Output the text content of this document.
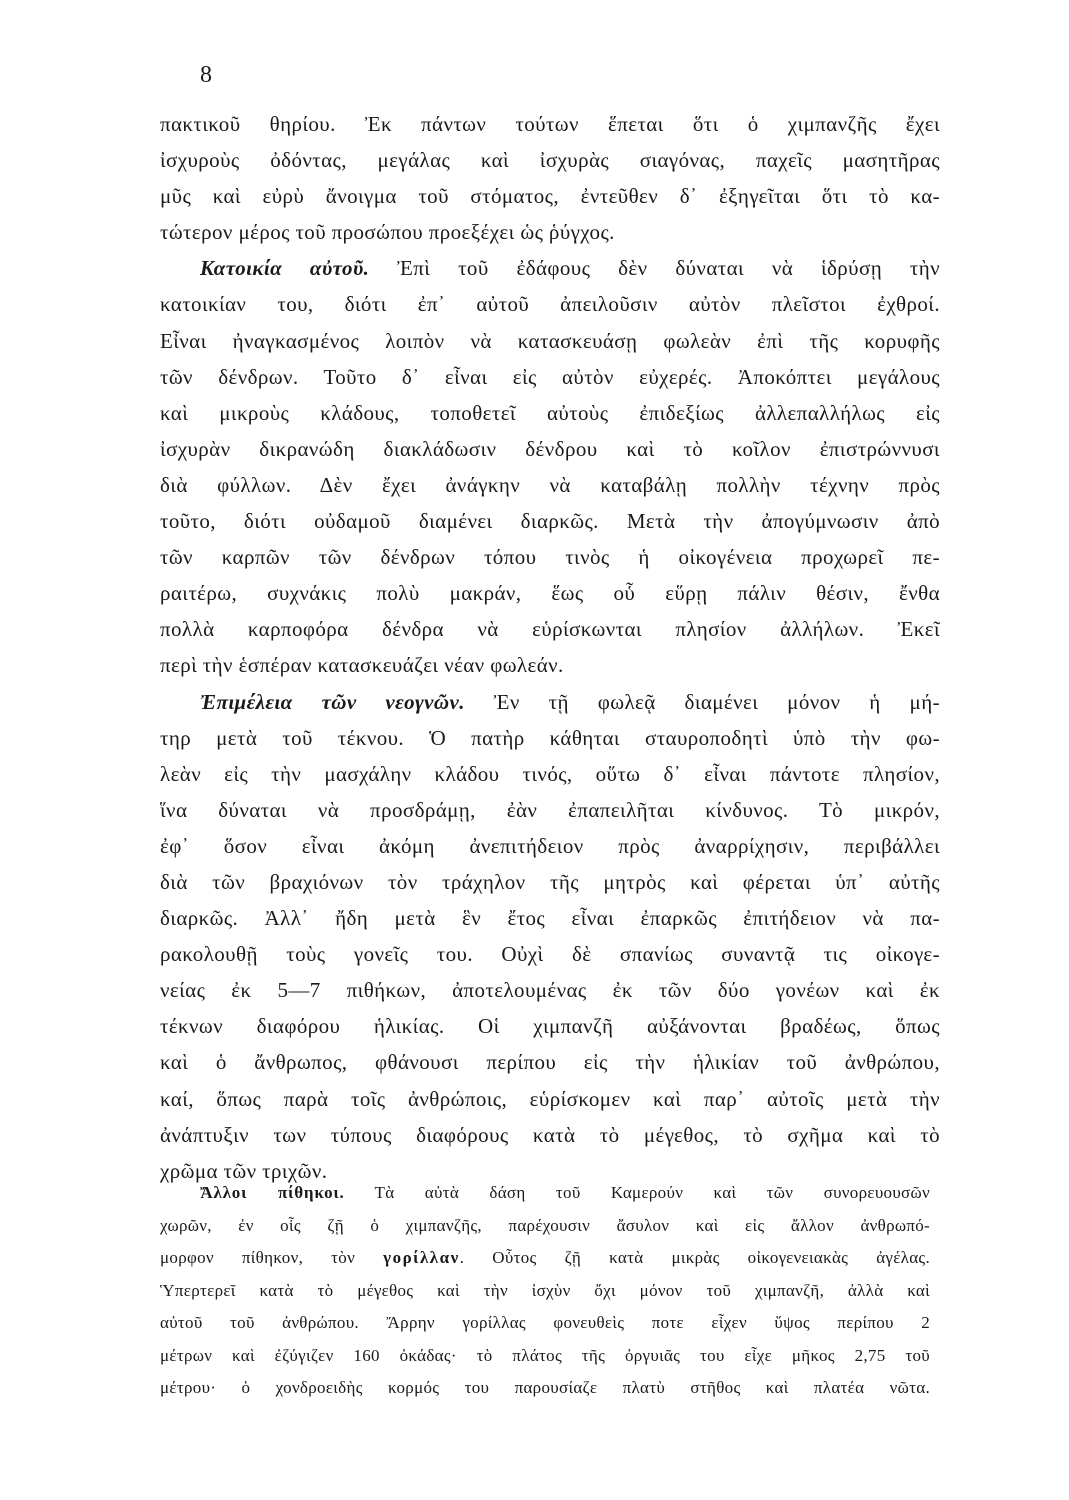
8
πακτικοῦ θηρίου. Ἐκ πάντων τούτων ἕπεται ὅτι ὁ χιμπανζῆς ἔχει
ἰσχυροὺς ὀδόντας, μεγάλας καὶ ἰσχυρὰς σιαγόνας, παχεῖς μασητῆρας
μῦς καὶ εὐρὺ ἄνοιγμα τοῦ στόματος, ἐντεῦθεν δ᾽ ἐξηγεῖται ὅτι τὸ κα-
τώτερον μέρος τοῦ προσώπου προεξέχει ὡς ῥύγχος.
Κατοικία αὐτοῦ. Ἐπὶ τοῦ ἐδάφους δὲν δύναται νὰ ἱδρύσῃ τὴν
κατοικίαν του, διότι ἐπ᾽ αὐτοῦ ἀπειλοῦσιν αὐτὸν πλεῖστοι ἐχθροί.
Εἶναι ἠναγκασμένος λοιπὸν νὰ κατασκευάσῃ φωλεὰν ἐπὶ τῆς κορυφῆς
τῶν δένδρων. Τοῦτο δ᾽ εἶναι εἰς αὐτὸν εὐχερές. Ἀποκόπτει μεγάλους
καὶ μικροὺς κλάδους, τοποθετεῖ αὐτοὺς ἐπιδεξίως ἀλλεπαλλήλως εἰς
ἰσχυρὰν δικρανώδη διακλάδωσιν δένδρου καὶ τὸ κοῖλον ἐπιστρώννυσι
διὰ φύλλων. Δὲν ἔχει ἀνάγκην νὰ καταβάλῃ πολλὴν τέχνην πρὸς
τοῦτο, διότι οὐδαμοῦ διαμένει διαρκῶς. Μετὰ τὴν ἀπογύμνωσιν ἀπὸ
τῶν καρπῶν τῶν δένδρων τόπου τινὸς ἡ οἰκογένεια προχωρεῖ πε-
ραιτέρω, συχνάκις πολὺ μακράν, ἕως οὗ εὕρῃ πάλιν θέσιν, ἔνθα
πολλὰ καρποφόρα δένδρα νὰ εὑρίσκωνται πλησίον ἀλλήλων. Ἐκεῖ
περὶ τὴν ἑσπέραν κατασκευάζει νέαν φωλεάν.
Ἐπιμέλεια τῶν νεογνῶν. Ἐν τῇ φωλεᾷ διαμένει μόνον ἡ μή-
τηρ μετὰ τοῦ τέκνου. Ὁ πατὴρ κάθηται σταυροποδητὶ ὑπὸ τὴν φω-
λεὰν εἰς τὴν μασχάλην κλάδου τινός, οὕτω δ᾽ εἶναι πάντοτε πλησίον,
ἵνα δύναται νὰ προσδράμῃ, ἐὰν ἐπαπειλῆται κίνδυνος. Τὸ μικρόν,
ἐφ᾽ ὅσον εἶναι ἀκόμη ἀνεπιτήδειον πρὸς ἀναρρίχησιν, περιβάλλει
διὰ τῶν βραχιόνων τὸν τράχηλον τῆς μητρὸς καὶ φέρεται ὑπ᾽ αὐτῆς
διαρκῶς. Ἀλλ᾽ ἤδη μετὰ ἓν ἔτος εἶναι ἐπαρκῶς ἐπιτήδειον νὰ πα-
ρακολουθῇ τοὺς γονεῖς του. Οὐχὶ δὲ σπανίως συναντᾷ τις οἰκογε-
νείας ἐκ 5—7 πιθήκων, ἀποτελουμένας ἐκ τῶν δύο γονέων καὶ ἐκ
τέκνων διαφόρου ἡλικίας. Οἱ χιμπανζῆ αὐξάνονται βραδέως, ὅπως
καὶ ὁ ἄνθρωπος, φθάνουσι περίπου εἰς τὴν ἡλικίαν τοῦ ἀνθρώπου,
καί, ὅπως παρὰ τοῖς ἀνθρώποις, εὑρίσκομεν καὶ παρ᾽ αὐτοῖς μετὰ τὴν
ἀνάπτυξιν των τύπους διαφόρους κατὰ τὸ μέγεθος, τὸ σχῆμα καὶ τὸ
χρῶμα τῶν τριχῶν.
Ἄλλοι πίθηκοι. Τὰ αὐτὰ δάση τοῦ Καμερούν καὶ τῶν συνορευουσῶν
χωρῶν, ἐν οἷς ζῇ ὁ χιμπανζῆς, παρέχουσιν ἄσυλον καὶ εἰς ἄλλον ἀνθρωπό-
μορφον πίθηκον, τὸν γορίλλαν. Οὗτος ζῇ κατὰ μικρὰς οἰκογενειακὰς ἀγέλας.
Ὑπερτερεῖ κατὰ τὸ μέγεθος καὶ τὴν ἰσχὺν ὄχι μόνον τοῦ χιμπανζῆ, ἀλλὰ καὶ
αὐτοῦ τοῦ ἀνθρώπου. Ἄρρην γορίλλας φονευθεὶς ποτε εἶχεν ὕψος περίπου 2
μέτρων καὶ ἐζύγιζεν 160 ὀκάδας· τὸ πλάτος τῆς ὀργυιᾶς του εἶχε μῆκος 2,75 τοῦ
μέτρου· ὁ χονδροειδὴς κορμός του παρουσίαζε πλατὺ στῆθος καὶ πλατέα νῶτα.
